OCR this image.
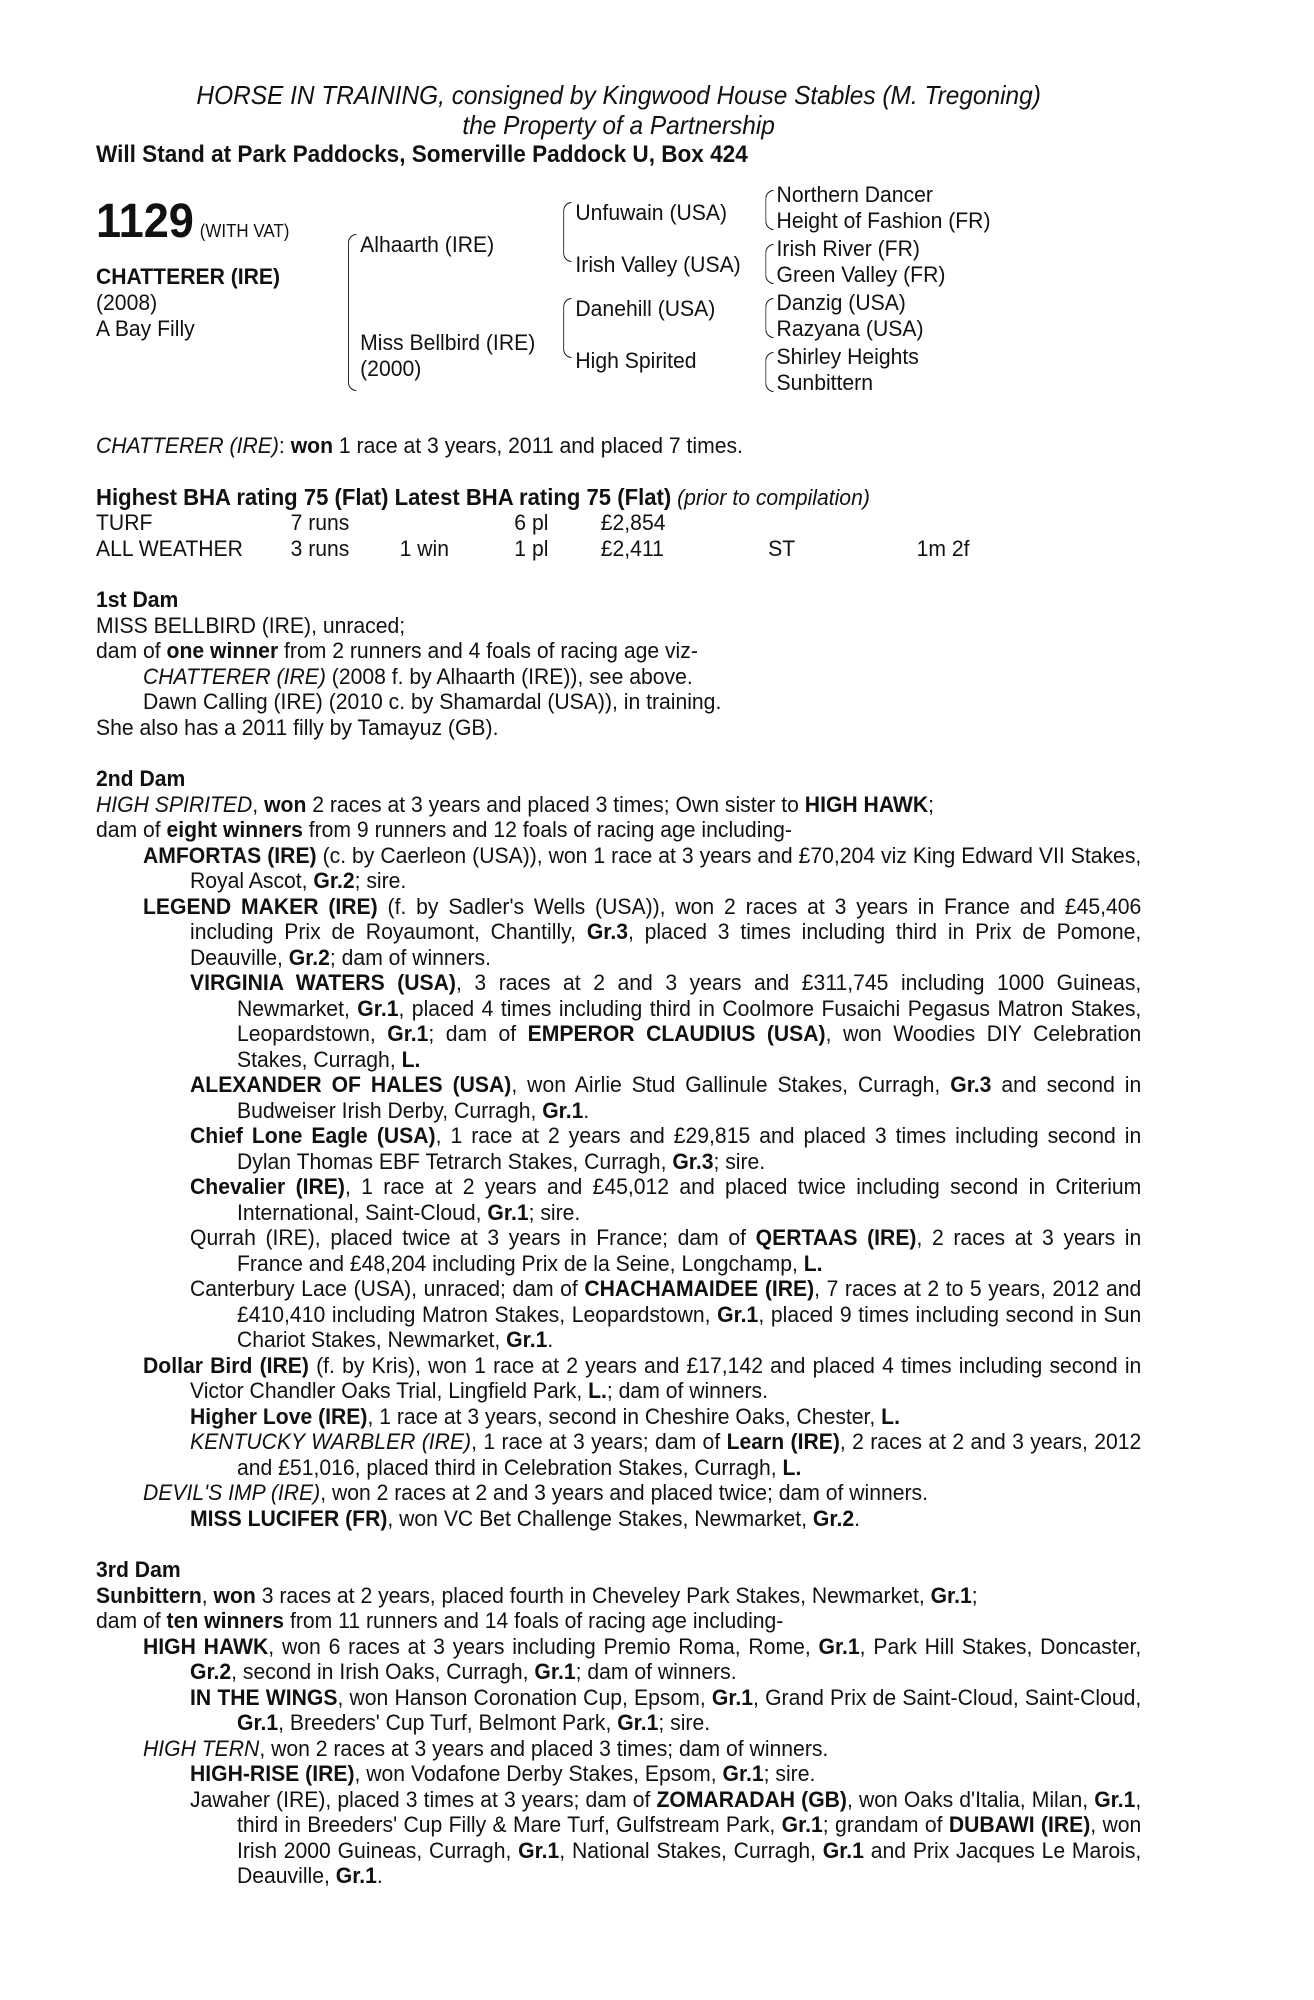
HORSE IN TRAINING, consigned by Kingwood House Stables (M. Tregoning)
the Property of a Partnership
Will Stand at Park Paddocks, Somerville Paddock U, Box 424
1129 (WITH VAT)
CHATTERER (IRE)
(2008)
A Bay Filly
Alhaarth (IRE)
Miss Bellbird (IRE)
(2000)
Unfuwain (USA)
Irish Valley (USA)
Danehill (USA)
High Spirited
Northern Dancer
Height of Fashion (FR)
Irish River (FR)
Green Valley (FR)
Danzig (USA)
Razyana (USA)
Shirley Heights
Sunbittern

CHATTERER (IRE): won 1 race at 3 years, 2011 and placed 7 times.

Highest BHA rating 75 (Flat) Latest BHA rating 75 (Flat) (prior to compilation)
TURF	7 runs		6 pl	£2,854		
ALL WEATHER	3 runs	1 win	1 pl	£2,411	ST	1m 2f
1st Dam
MISS BELLBIRD (IRE), unraced;
dam of one winner from 2 runners and 4 foals of racing age viz-
CHATTERER (IRE) (2008 f. by Alhaarth (IRE)), see above.
Dawn Calling (IRE) (2010 c. by Shamardal (USA)), in training.
She also has a 2011 filly by Tamayuz (GB).
2nd Dam
HIGH SPIRITED, won 2 races at 3 years and placed 3 times; Own sister to HIGH HAWK;
dam of eight winners from 9 runners and 12 foals of racing age including-
AMFORTAS (IRE) (c. by Caerleon (USA)), won 1 race at 3 years and £70,204 viz King Edward VII Stakes, Royal Ascot, Gr.2; sire.
LEGEND MAKER (IRE) (f. by Sadler's Wells (USA)), won 2 races at 3 years in France and £45,406 including Prix de Royaumont, Chantilly, Gr.3, placed 3 times including third in Prix de Pomone, Deauville, Gr.2; dam of winners.
VIRGINIA WATERS (USA), 3 races at 2 and 3 years and £311,745 including 1000 Guineas, Newmarket, Gr.1, placed 4 times including third in Coolmore Fusaichi Pegasus Matron Stakes, Leopardstown, Gr.1; dam of EMPEROR CLAUDIUS (USA), won Woodies DIY Celebration Stakes, Curragh, L.
ALEXANDER OF HALES (USA), won Airlie Stud Gallinule Stakes, Curragh, Gr.3 and second in Budweiser Irish Derby, Curragh, Gr.1.
Chief Lone Eagle (USA), 1 race at 2 years and £29,815 and placed 3 times including second in Dylan Thomas EBF Tetrarch Stakes, Curragh, Gr.3; sire.
Chevalier (IRE), 1 race at 2 years and £45,012 and placed twice including second in Criterium International, Saint-Cloud, Gr.1; sire.
Qurrah (IRE), placed twice at 3 years in France; dam of QERTAAS (IRE), 2 races at 3 years in France and £48,204 including Prix de la Seine, Longchamp, L.
Canterbury Lace (USA), unraced; dam of CHACHAMAIDEE (IRE), 7 races at 2 to 5 years, 2012 and £410,410 including Matron Stakes, Leopardstown, Gr.1, placed 9 times including second in Sun Chariot Stakes, Newmarket, Gr.1.
Dollar Bird (IRE) (f. by Kris), won 1 race at 2 years and £17,142 and placed 4 times including second in Victor Chandler Oaks Trial, Lingfield Park, L.; dam of winners.
Higher Love (IRE), 1 race at 3 years, second in Cheshire Oaks, Chester, L.
KENTUCKY WARBLER (IRE), 1 race at 3 years; dam of Learn (IRE), 2 races at 2 and 3 years, 2012 and £51,016, placed third in Celebration Stakes, Curragh, L.
DEVIL'S IMP (IRE), won 2 races at 2 and 3 years and placed twice; dam of winners.
MISS LUCIFER (FR), won VC Bet Challenge Stakes, Newmarket, Gr.2.
3rd Dam
Sunbittern, won 3 races at 2 years, placed fourth in Cheveley Park Stakes, Newmarket, Gr.1;
dam of ten winners from 11 runners and 14 foals of racing age including-
HIGH HAWK, won 6 races at 3 years including Premio Roma, Rome, Gr.1, Park Hill Stakes, Doncaster, Gr.2, second in Irish Oaks, Curragh, Gr.1; dam of winners.
IN THE WINGS, won Hanson Coronation Cup, Epsom, Gr.1, Grand Prix de Saint-Cloud, Saint-Cloud, Gr.1, Breeders' Cup Turf, Belmont Park, Gr.1; sire.
HIGH TERN, won 2 races at 3 years and placed 3 times; dam of winners.
HIGH-RISE (IRE), won Vodafone Derby Stakes, Epsom, Gr.1; sire.
Jawaher (IRE), placed 3 times at 3 years; dam of ZOMARADAH (GB), won Oaks d'Italia, Milan, Gr.1, third in Breeders' Cup Filly & Mare Turf, Gulfstream Park, Gr.1; grandam of DUBAWI (IRE), won Irish 2000 Guineas, Curragh, Gr.1, National Stakes, Curragh, Gr.1 and Prix Jacques Le Marois, Deauville, Gr.1.
